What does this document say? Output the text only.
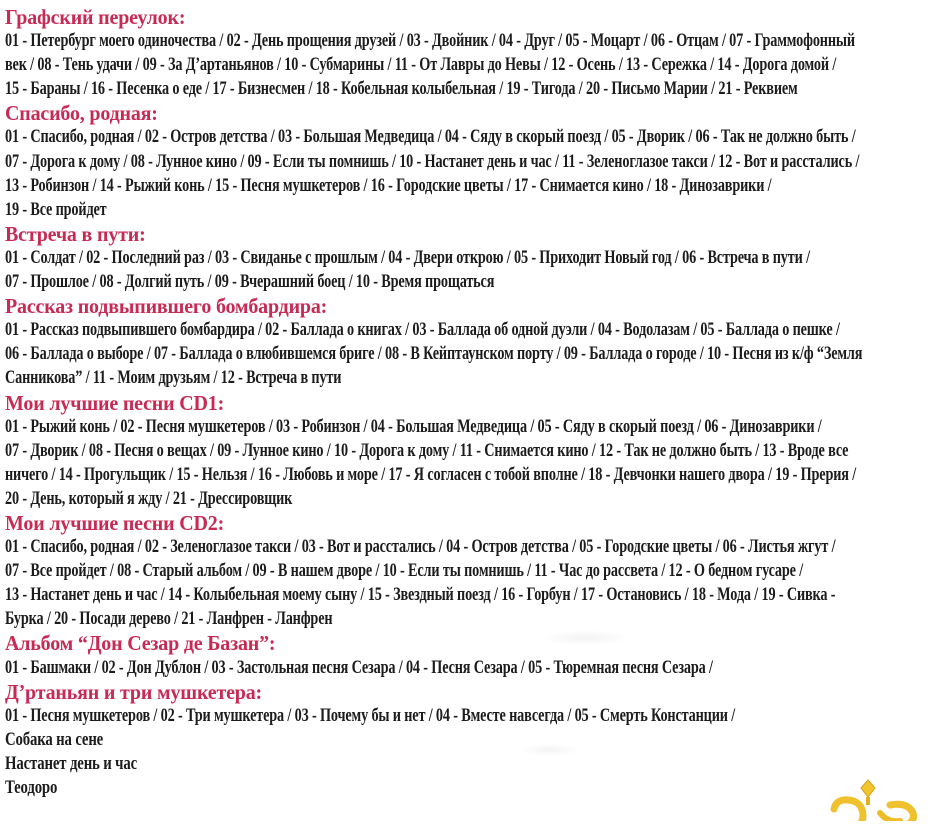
Графский переулок:

01 - Петербург моего одиночества / 02 - День прощения друзей / 03 - Двойник / 04 - Друг / 05 - Моцарт / 06 - Отцам / 07 - Граммофонный

век / 08 - Тень удачи / 09 - За Д’артаньянов / 10 - Субмарины / 11 - От Лавры до Невы / 12 - Осень / 13 - Сережка / 14 - Дорога домой /

15 - Бараны / 16 - Песенка о еде / 17 - Бизнесмен / 18 - Кобельная колыбельная / 19 - Тигода / 20 - Письмо Марии / 21 - Реквием

Спасибо, родная:

01 - Спасибо, родная / 02 - Остров детства / 03 - Большая Медведица / 04 - Сяду в скорый поезд / 05 - Дворик / 06 - Так не должно быть /

07 - Дорога к дому / 08 - Лунное кино / 09 - Если ты помнишь / 10 - Настанет день и час / 11 - Зеленоглазое такси / 12 - Вот и расстались /

13 - Робинзон / 14 - Рыжий конь / 15 - Песня мушкетеров / 16 - Городские цветы / 17 - Снимается кино / 18 - Динозаврики /

19 - Все пройдет

Встреча в пути:

01 - Солдат / 02 - Последний раз / 03 - Свиданье с прошлым / 04 - Двери открою / 05 - Приходит Новый год / 06 - Встреча в пути /

07 - Прошлое / 08 - Долгий путь / 09 - Вчерашний боец / 10 - Время прощаться

Рассказ подвыпившего бомбардира:

01 - Рассказ подвыпившего бомбардира / 02 - Баллада о книгах / 03 - Баллада об одной дуэли / 04 - Водолазам / 05 - Баллада о пешке /

06 - Баллада о выборе / 07 - Баллада о влюбившемся бриге / 08 - В Кейптаунском порту / 09 - Баллада о городе / 10 - Песня из к/ф “Земля

Санникова” / 11 - Моим друзьям / 12 - Встреча в пути

Мои лучшие песни CD1:

01 - Рыжий конь / 02 - Песня мушкетеров / 03 - Робинзон / 04 - Большая Медведица / 05 - Сяду в скорый поезд / 06 - Динозаврики /

07 - Дворик / 08 - Песня о вещах / 09 - Лунное кино / 10 - Дорога к дому / 11 - Снимается кино / 12 - Так не должно быть / 13 - Вроде все

ничего / 14 - Прогульщик / 15 - Нельзя / 16 - Любовь и море / 17 - Я согласен с тобой вполне / 18 - Девчонки нашего двора / 19 - Прерия /

20 - День, который я жду / 21 - Дрессировщик

Мои лучшие песни CD2:

01 - Спасибо, родная / 02 - Зеленоглазое такси / 03 - Вот и расстались / 04 - Остров детства / 05 - Городские цветы / 06 - Листья жгут /

07 - Все пройдет / 08 - Старый альбом / 09 - В нашем дворе / 10 - Если ты помнишь / 11 - Час до рассвета / 12 - О бедном гусаре /

13 - Настанет день и час / 14 - Колыбельная моему сыну / 15 - Звездный поезд / 16 - Горбун / 17 - Остановись / 18 - Мода / 19 - Сивка -

Бурка / 20 - Посади дерево / 21 - Ланфрен - Ланфрен

Альбом “Дон Сезар де Базан”:

01 - Башмаки / 02 - Дон Дублон / 03 - Застольная песня Сезара / 04 - Песня Сезара / 05 - Тюремная песня Сезара /

Д’ртаньян и три мушкетера:

01 - Песня мушкетеров / 02 - Три мушкетера / 03 - Почему бы и нет / 04 - Вместе навсегда / 05 - Смерть Констанции /

Собака на сене

Настанет день и час

Теодоро
